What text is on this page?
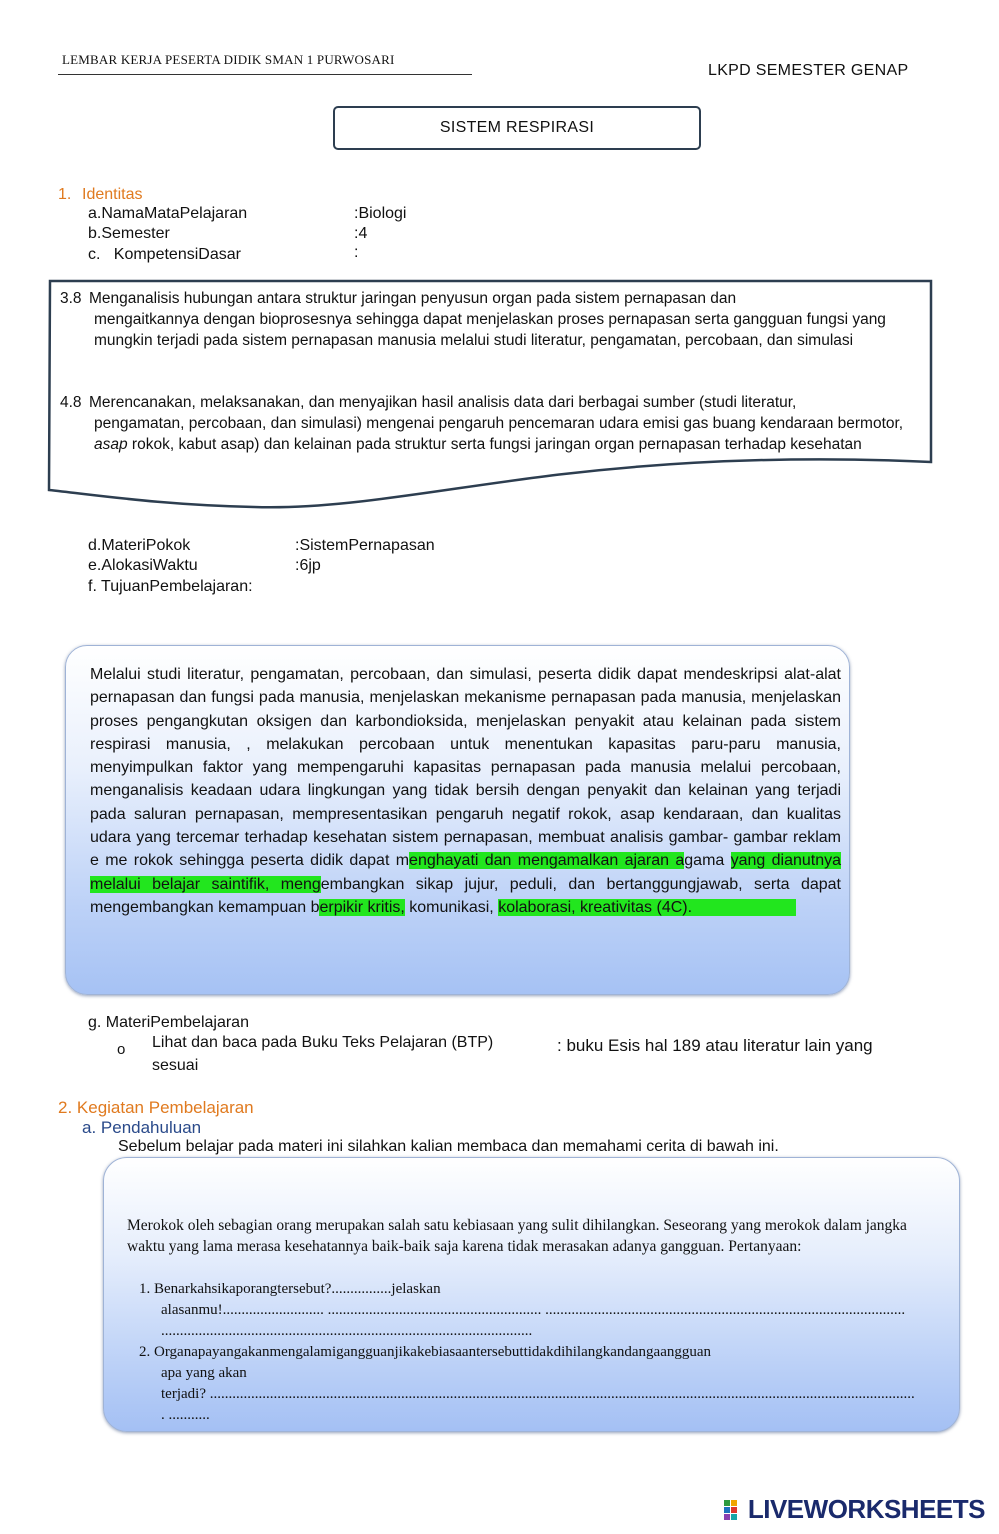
LEMBAR KERJA PESERTA DIDIK SMAN 1 PURWOSARI
LKPD SEMESTER GENAP
SISTEM RESPIRASI
1. Identitas
a.NamaMataPelajaran	:Biologi
b.Semester	:4
c.   KompetensiDasar	:
3.8 Menganalisis hubungan antara struktur jaringan penyusun organ pada sistem pernapasan dan
mengaitkannya dengan bioprosesnya sehingga dapat menjelaskan proses pernapasan serta gangguan fungsi yang mungkin terjadi pada sistem pernapasan manusia melalui studi literatur, pengamatan, percobaan, dan simulasi
4.8 Merencanakan, melaksanakan, dan menyajikan hasil analisis data dari berbagai sumber (studi literatur,
pengamatan, percobaan, dan simulasi) mengenai pengaruh pencemaran udara emisi gas buang kendaraan bermotor, asap rokok, kabut asap) dan kelainan pada struktur serta fungsi jaringan organ pernapasan terhadap kesehatan
d.MateriPokok	:SistemPernapasan
e.AlokasiWaktu	:6jp
f. TujuanPembelajaran:
Melalui studi literatur, pengamatan, percobaan, dan simulasi, peserta didik dapat mendeskripsi alat-alat pernapasan dan fungsi pada manusia, menjelaskan mekanisme pernapasan pada manusia, menjelaskan proses pengangkutan oksigen dan karbondioksida, menjelaskan penyakit atau kelainan pada sistem respirasi manusia, , melakukan percobaan untuk menentukan kapasitas paru-paru manusia, menyimpulkan faktor yang mempengaruhi kapasitas pernapasan pada manusia melalui percobaan, menganalisis keadaan udara lingkungan yang tidak bersih dengan penyakit dan kelainan yang terjadi pada saluran pernapasan, mempresentasikan pengaruh negatif rokok, asap kendaraan, dan kualitas udara yang tercemar terhadap kesehatan sistem pernapasan, membuat analisis gambar- gambar reklam e me rokok sehingga peserta didik dapat menghayati dan mengamalkan ajaran agama yang dianutnya melalui belajar saintifik, mengembangkan sikap jujur, peduli, dan bertanggungjawab, serta dapat mengembangkan kemampuan berpikir kritis, komunikasi, kolaborasi, kreativitas (4C).
g. MateriPembelajaran
o Lihat dan baca pada Buku Teks Pelajaran (BTP)
sesuai
: buku Esis hal 189 atau literatur lain yang
2. Kegiatan Pembelajaran
a. Pendahuluan
Sebelum belajar pada materi ini silahkan kalian membaca dan memahami cerita di bawah ini.
Merokok oleh sebagian orang merupakan salah satu kebiasaan yang sulit dihilangkan. Seseorang yang merokok dalam jangka waktu yang lama merasa kesehatannya baik-baik saja karena tidak merasakan adanya gangguan. Pertanyaan:
1. Benarkahsikaporangtersebut?................jelaskan
alasanmu!........................... ......................................................... ................................................................................................
...................................................................................................
2. Organapayangakanmengalamigangguanjikakebiasaantersebuttidakdihilangkandangaangguan
apa yang akan
terjadi? ............................................................................................................................................................................................
. ...........
LIVEWORKSHEETS
